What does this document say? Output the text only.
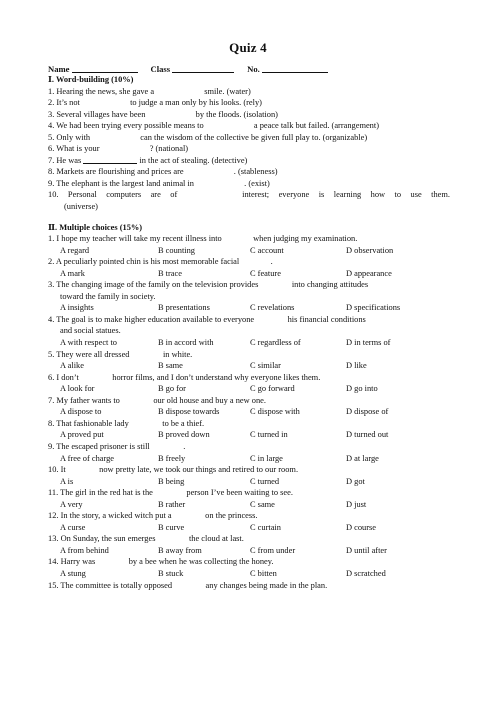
Quiz 4
Name	Class	No.
Ⅰ. Word-building (10%)
1. Hearing the news, she gave a	smile. (water)
2. It’s not	to judge a man only by his looks. (rely)
3. Several villages have been	by the floods. (isolation)
4. We had been trying every possible means to	a peace talk but failed. (arrangement)
5. Only with	can the wisdom of the collective be given full play to. (organizable)
6. What is your	? (national)
7. He was	in the act of stealing. (detective)
8. Markets are flourishing and prices are	. (stableness)
9. The elephant is the largest land animal in	. (exist)
10. Personal computers are of	interest; everyone is learning how to use them.
(universe)
Ⅱ. Multiple choices (15%)
1. I hope my teacher will take my recent illness into               when judging my examination.
A regard	B counting	C account	D observation
2. A peculiarly pointed chin is his most memorable facial               .
A mark	B trace	C feature	D appearance
3. The changing image of the family on the television provides                into changing attitudes
toward the family in society.
A insights	B presentations	C revelations	D specifications
4. The goal is to make higher education available to everyone                his financial conditions
and social statues.
A with respect to	B in accord with	C regardless of	D in terms of
5. They were all dressed                in white.
A alike	B same	C similar	D like
6. I don’t                horror films, and I don’t understand why everyone likes them.
A look for	B go for	C go forward	D go into
7. My father wants to                our old house and buy a new one.
A dispose to	B dispose towards	C dispose with	D dispose of
8. That fashionable lady                to be a thief.
A proved put	B proved down	C turned in	D turned out
9. The escaped prisoner is still                .
A free of charge	B freely	C in large	D at large
10. It                now pretty late, we took our things and retired to our room.
A is	B being	C turned	D got
11. The girl in the red hat is the                person I’ve been waiting to see.
A very	B rather	C same	D just
12. In the story, a wicked witch put a                on the princess.
A curse	B curve	C curtain	D course
13. On Sunday, the sun emerges                the cloud at last.
A from behind	B away from	C from under	D until after
14. Harry was                by a bee when he was collecting the honey.
A stung	B stuck	C bitten	D scratched
15. The committee is totally opposed                any changes being made in the plan.
